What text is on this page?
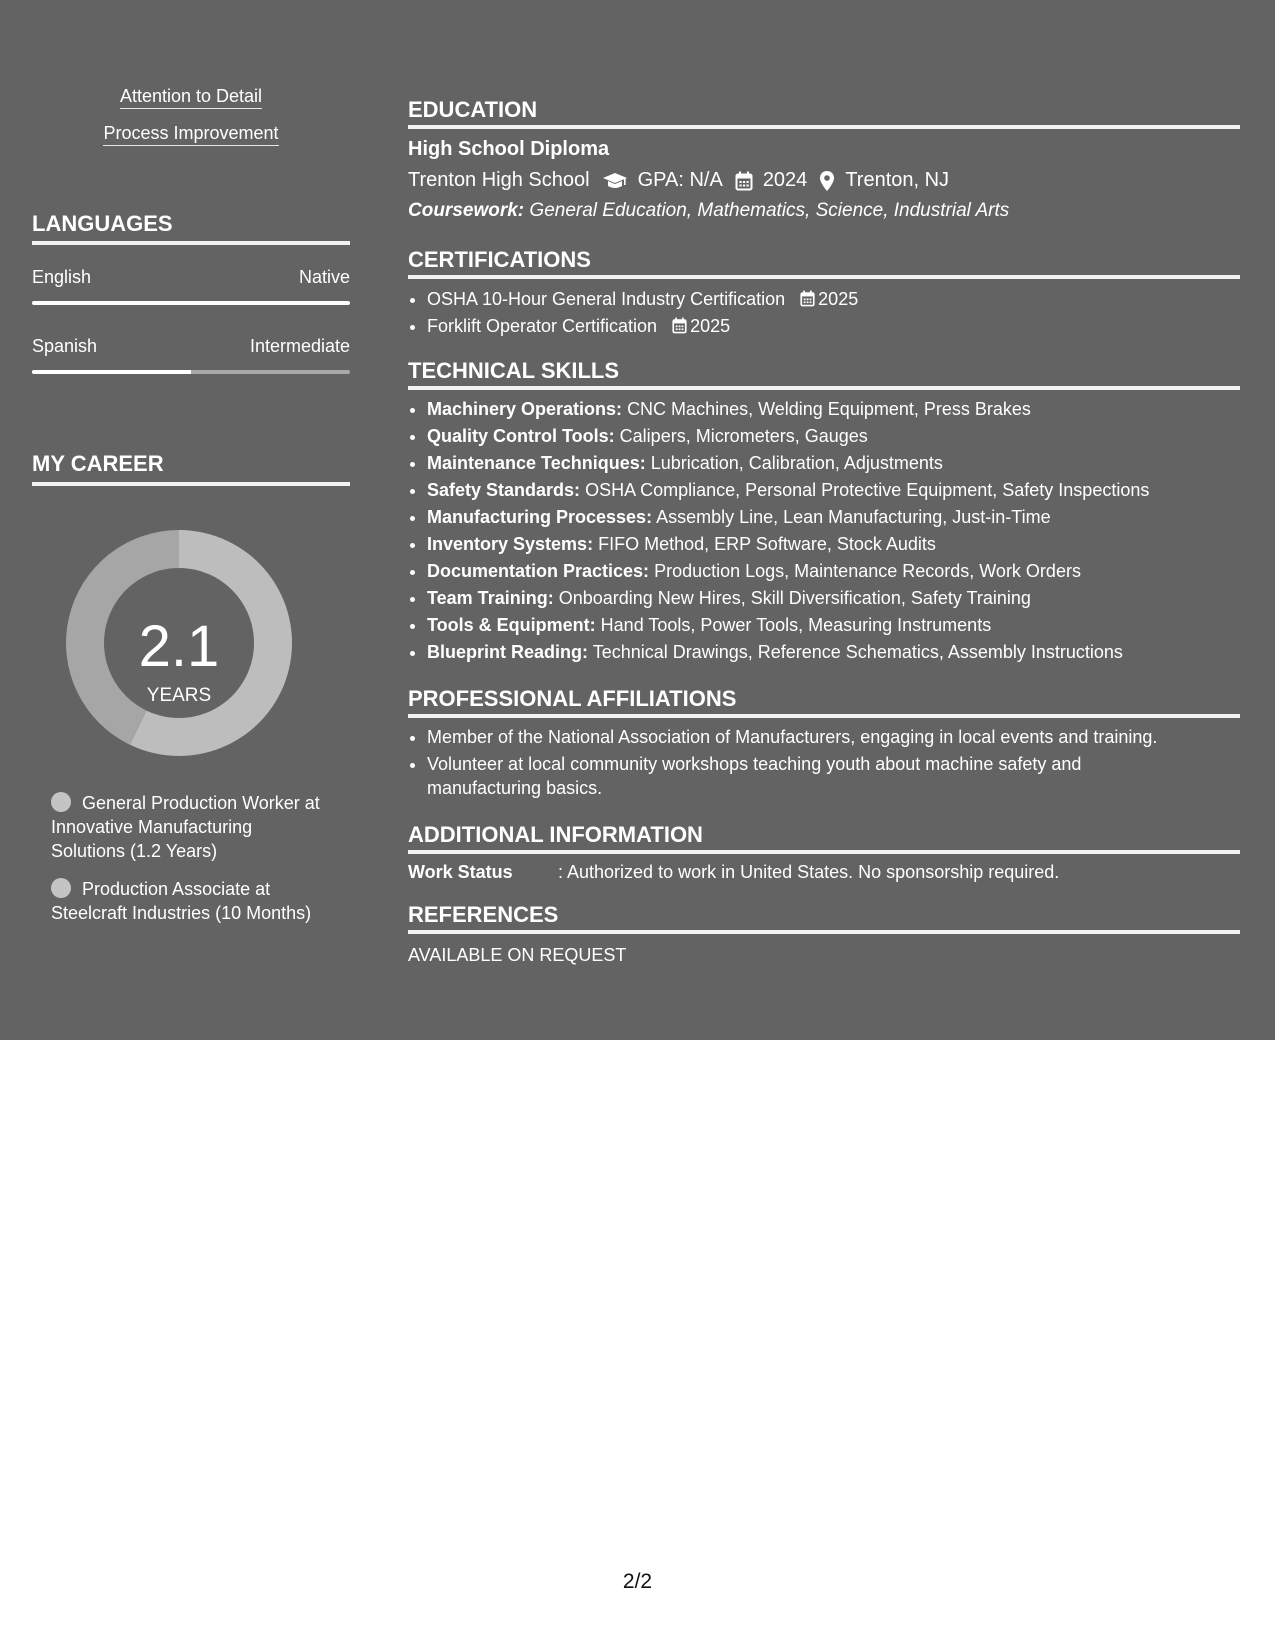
Attention to Detail
Process Improvement
LANGUAGES
English	Native
Spanish	Intermediate
MY CAREER
2.1
YEARS
General Production Worker at Innovative Manufacturing Solutions (1.2 Years)
Production Associate at Steelcraft Industries (10 Months)
EDUCATION
High School Diploma
Trenton High School GPA: N/A 2024 Trenton, NJ
Coursework: General Education, Mathematics, Science, Industrial Arts
CERTIFICATIONS
• OSHA 10-Hour General Industry Certification 2025
• Forklift Operator Certification 2025
TECHNICAL SKILLS
• Machinery Operations: CNC Machines, Welding Equipment, Press Brakes
• Quality Control Tools: Calipers, Micrometers, Gauges
• Maintenance Techniques: Lubrication, Calibration, Adjustments
• Safety Standards: OSHA Compliance, Personal Protective Equipment, Safety Inspections
• Manufacturing Processes: Assembly Line, Lean Manufacturing, Just-in-Time
• Inventory Systems: FIFO Method, ERP Software, Stock Audits
• Documentation Practices: Production Logs, Maintenance Records, Work Orders
• Team Training: Onboarding New Hires, Skill Diversification, Safety Training
• Tools & Equipment: Hand Tools, Power Tools, Measuring Instruments
• Blueprint Reading: Technical Drawings, Reference Schematics, Assembly Instructions
PROFESSIONAL AFFILIATIONS
• Member of the National Association of Manufacturers, engaging in local events and training.
• Volunteer at local community workshops teaching youth about machine safety and manufacturing basics.
ADDITIONAL INFORMATION
Work Status	: Authorized to work in United States. No sponsorship required.
REFERENCES
AVAILABLE ON REQUEST
2/2
